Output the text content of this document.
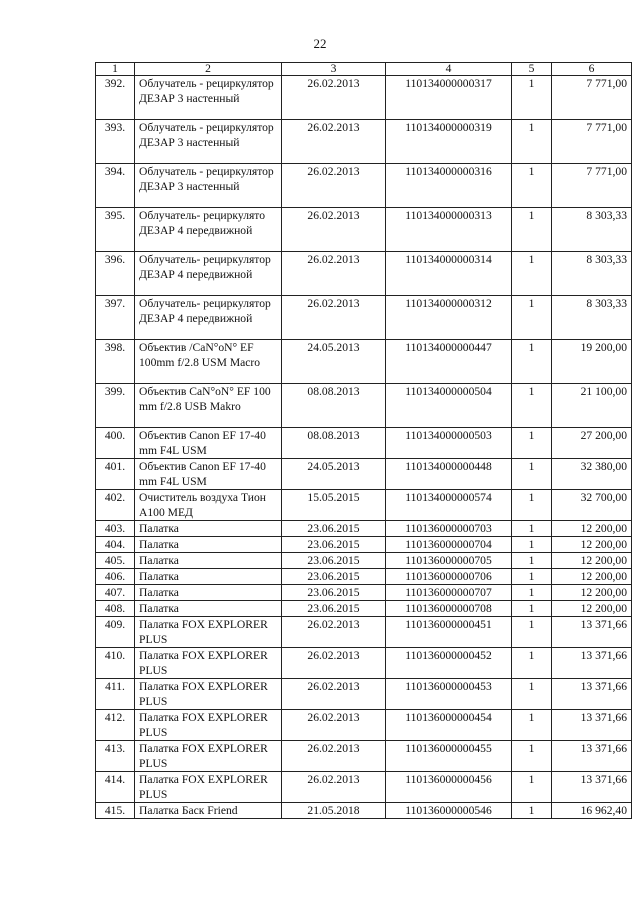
22
1	2	3	4	5	6
392.	Облучатель - рециркулятор ДЕЗАР 3 настенный	26.02.2013	110134000000317	1	7 771,00
393.	Облучатель - рециркулятор ДЕЗАР 3 настенный	26.02.2013	110134000000319	1	7 771,00
394.	Облучатель - рециркулятор ДЕЗАР 3 настенный	26.02.2013	110134000000316	1	7 771,00
395.	Облучатель- рециркулято ДЕЗАР 4 передвижной	26.02.2013	110134000000313	1	8 303,33
396.	Облучатель- рециркулятор ДЕЗАР 4 передвижной	26.02.2013	110134000000314	1	8 303,33
397.	Облучатель- рециркулятор ДЕЗАР 4 передвижной	26.02.2013	110134000000312	1	8 303,33
398.	Объектив /CaN°oN° EF 100mm f/2.8 USM Macro	24.05.2013	110134000000447	1	19 200,00
399.	Объектив CaN°oN° EF 100 mm f/2.8 USB Makro	08.08.2013	110134000000504	1	21 100,00
400.	Объектив Canon EF 17-40 mm F4L USM	08.08.2013	110134000000503	1	27 200,00
401.	Объектив Canon EF 17-40 mm F4L USM	24.05.2013	110134000000448	1	32 380,00
402.	Очиститель воздуха Тион А100 МЕД	15.05.2015	110134000000574	1	32 700,00
403.	Палатка	23.06.2015	110136000000703	1	12 200,00
404.	Палатка	23.06.2015	110136000000704	1	12 200,00
405.	Палатка	23.06.2015	110136000000705	1	12 200,00
406.	Палатка	23.06.2015	110136000000706	1	12 200,00
407.	Палатка	23.06.2015	110136000000707	1	12 200,00
408.	Палатка	23.06.2015	110136000000708	1	12 200,00
409.	Палатка FOX EXPLORER PLUS	26.02.2013	110136000000451	1	13 371,66
410.	Палатка FOX EXPLORER PLUS	26.02.2013	110136000000452	1	13 371,66
411.	Палатка FOX EXPLORER PLUS	26.02.2013	110136000000453	1	13 371,66
412.	Палатка FOX EXPLORER PLUS	26.02.2013	110136000000454	1	13 371,66
413.	Палатка FOX EXPLORER PLUS	26.02.2013	110136000000455	1	13 371,66
414.	Палатка FOX EXPLORER PLUS	26.02.2013	110136000000456	1	13 371,66
415.	Палатка Баск Friend	21.05.2018	110136000000546	1	16 962,40
